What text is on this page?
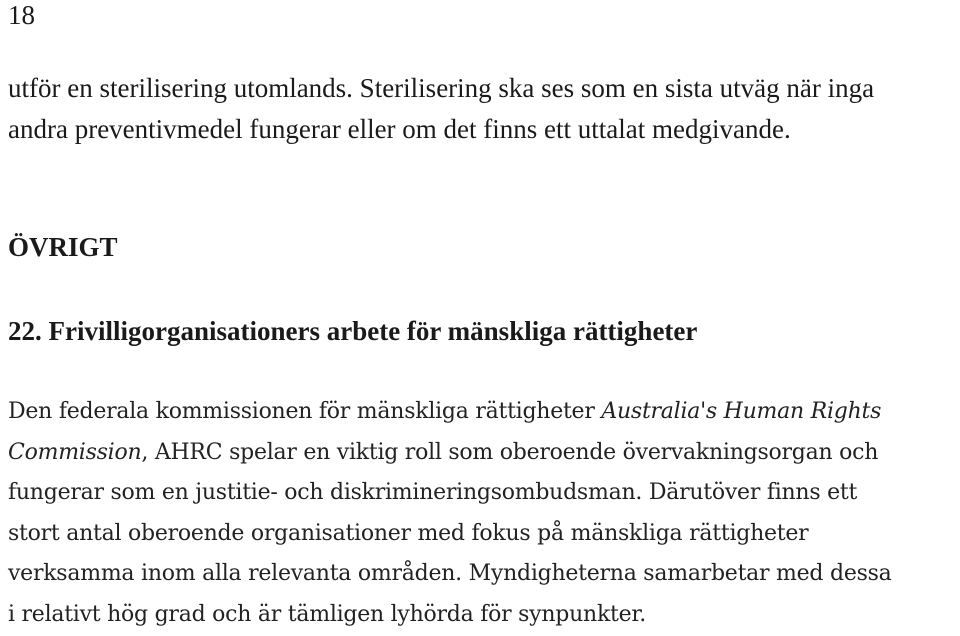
18
utför en sterilisering utomlands. Sterilisering ska ses som en sista utväg när inga
andra preventivmedel fungerar eller om det finns ett uttalat medgivande.
ÖVRIGT
22. Frivilligorganisationers arbete för mänskliga rättigheter
Den federala kommissionen för mänskliga rättigheter Australia's Human Rights
Commission, AHRC spelar en viktig roll som oberoende övervakningsorgan och
fungerar som en justitie- och diskrimineringsombudsman. Därutöver finns ett
stort antal oberoende organisationer med fokus på mänskliga rättigheter
verksamma inom alla relevanta områden. Myndigheterna samarbetar med dessa
i relativt hög grad och är tämligen lyhörda för synpunkter.
